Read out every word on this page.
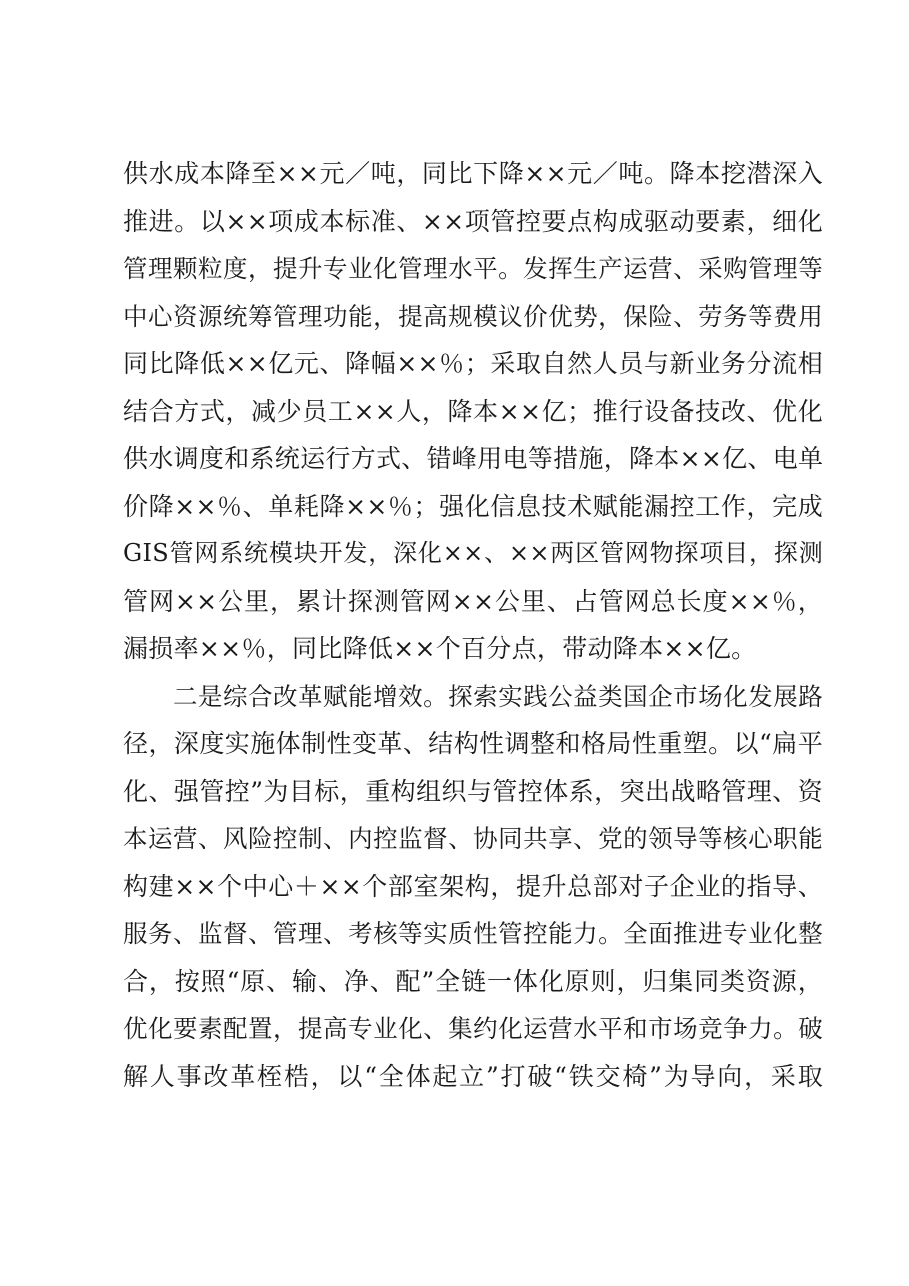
供水成本降至××元／吨，同比下降××元／吨。降本挖潜深入
推进。以××项成本标准、××项管控要点构成驱动要素，细化
管理颗粒度，提升专业化管理水平。发挥生产运营、采购管理等
中心资源统筹管理功能，提高规模议价优势，保险、劳务等费用
同比降低××亿元、降幅××％；采取自然人员与新业务分流相
结合方式，减少员工××人，降本××亿；推行设备技改、优化
供水调度和系统运行方式、错峰用电等措施，降本××亿、电单
价降××％、单耗降××％；强化信息技术赋能漏控工作，完成
GIS管网系统模块开发，深化××、××两区管网物探项目，探测
管网××公里，累计探测管网××公里、占管网总长度××％，
漏损率××％，同比降低××个百分点，带动降本××亿。
二是综合改革赋能增效。探索实践公益类国企市场化发展路
径，深度实施体制性变革、结构性调整和格局性重塑。以“扁平
化、强管控”为目标，重构组织与管控体系，突出战略管理、资
本运营、风险控制、内控监督、协同共享、党的领导等核心职能
构建××个中心＋××个部室架构，提升总部对子企业的指导、
服务、监督、管理、考核等实质性管控能力。全面推进专业化整
合，按照“原、输、净、配”全链一体化原则，归集同类资源，
优化要素配置，提高专业化、集约化运营水平和市场竞争力。破
解人事改革桎梏，以“全体起立”打破“铁交椅”为导向，采取
